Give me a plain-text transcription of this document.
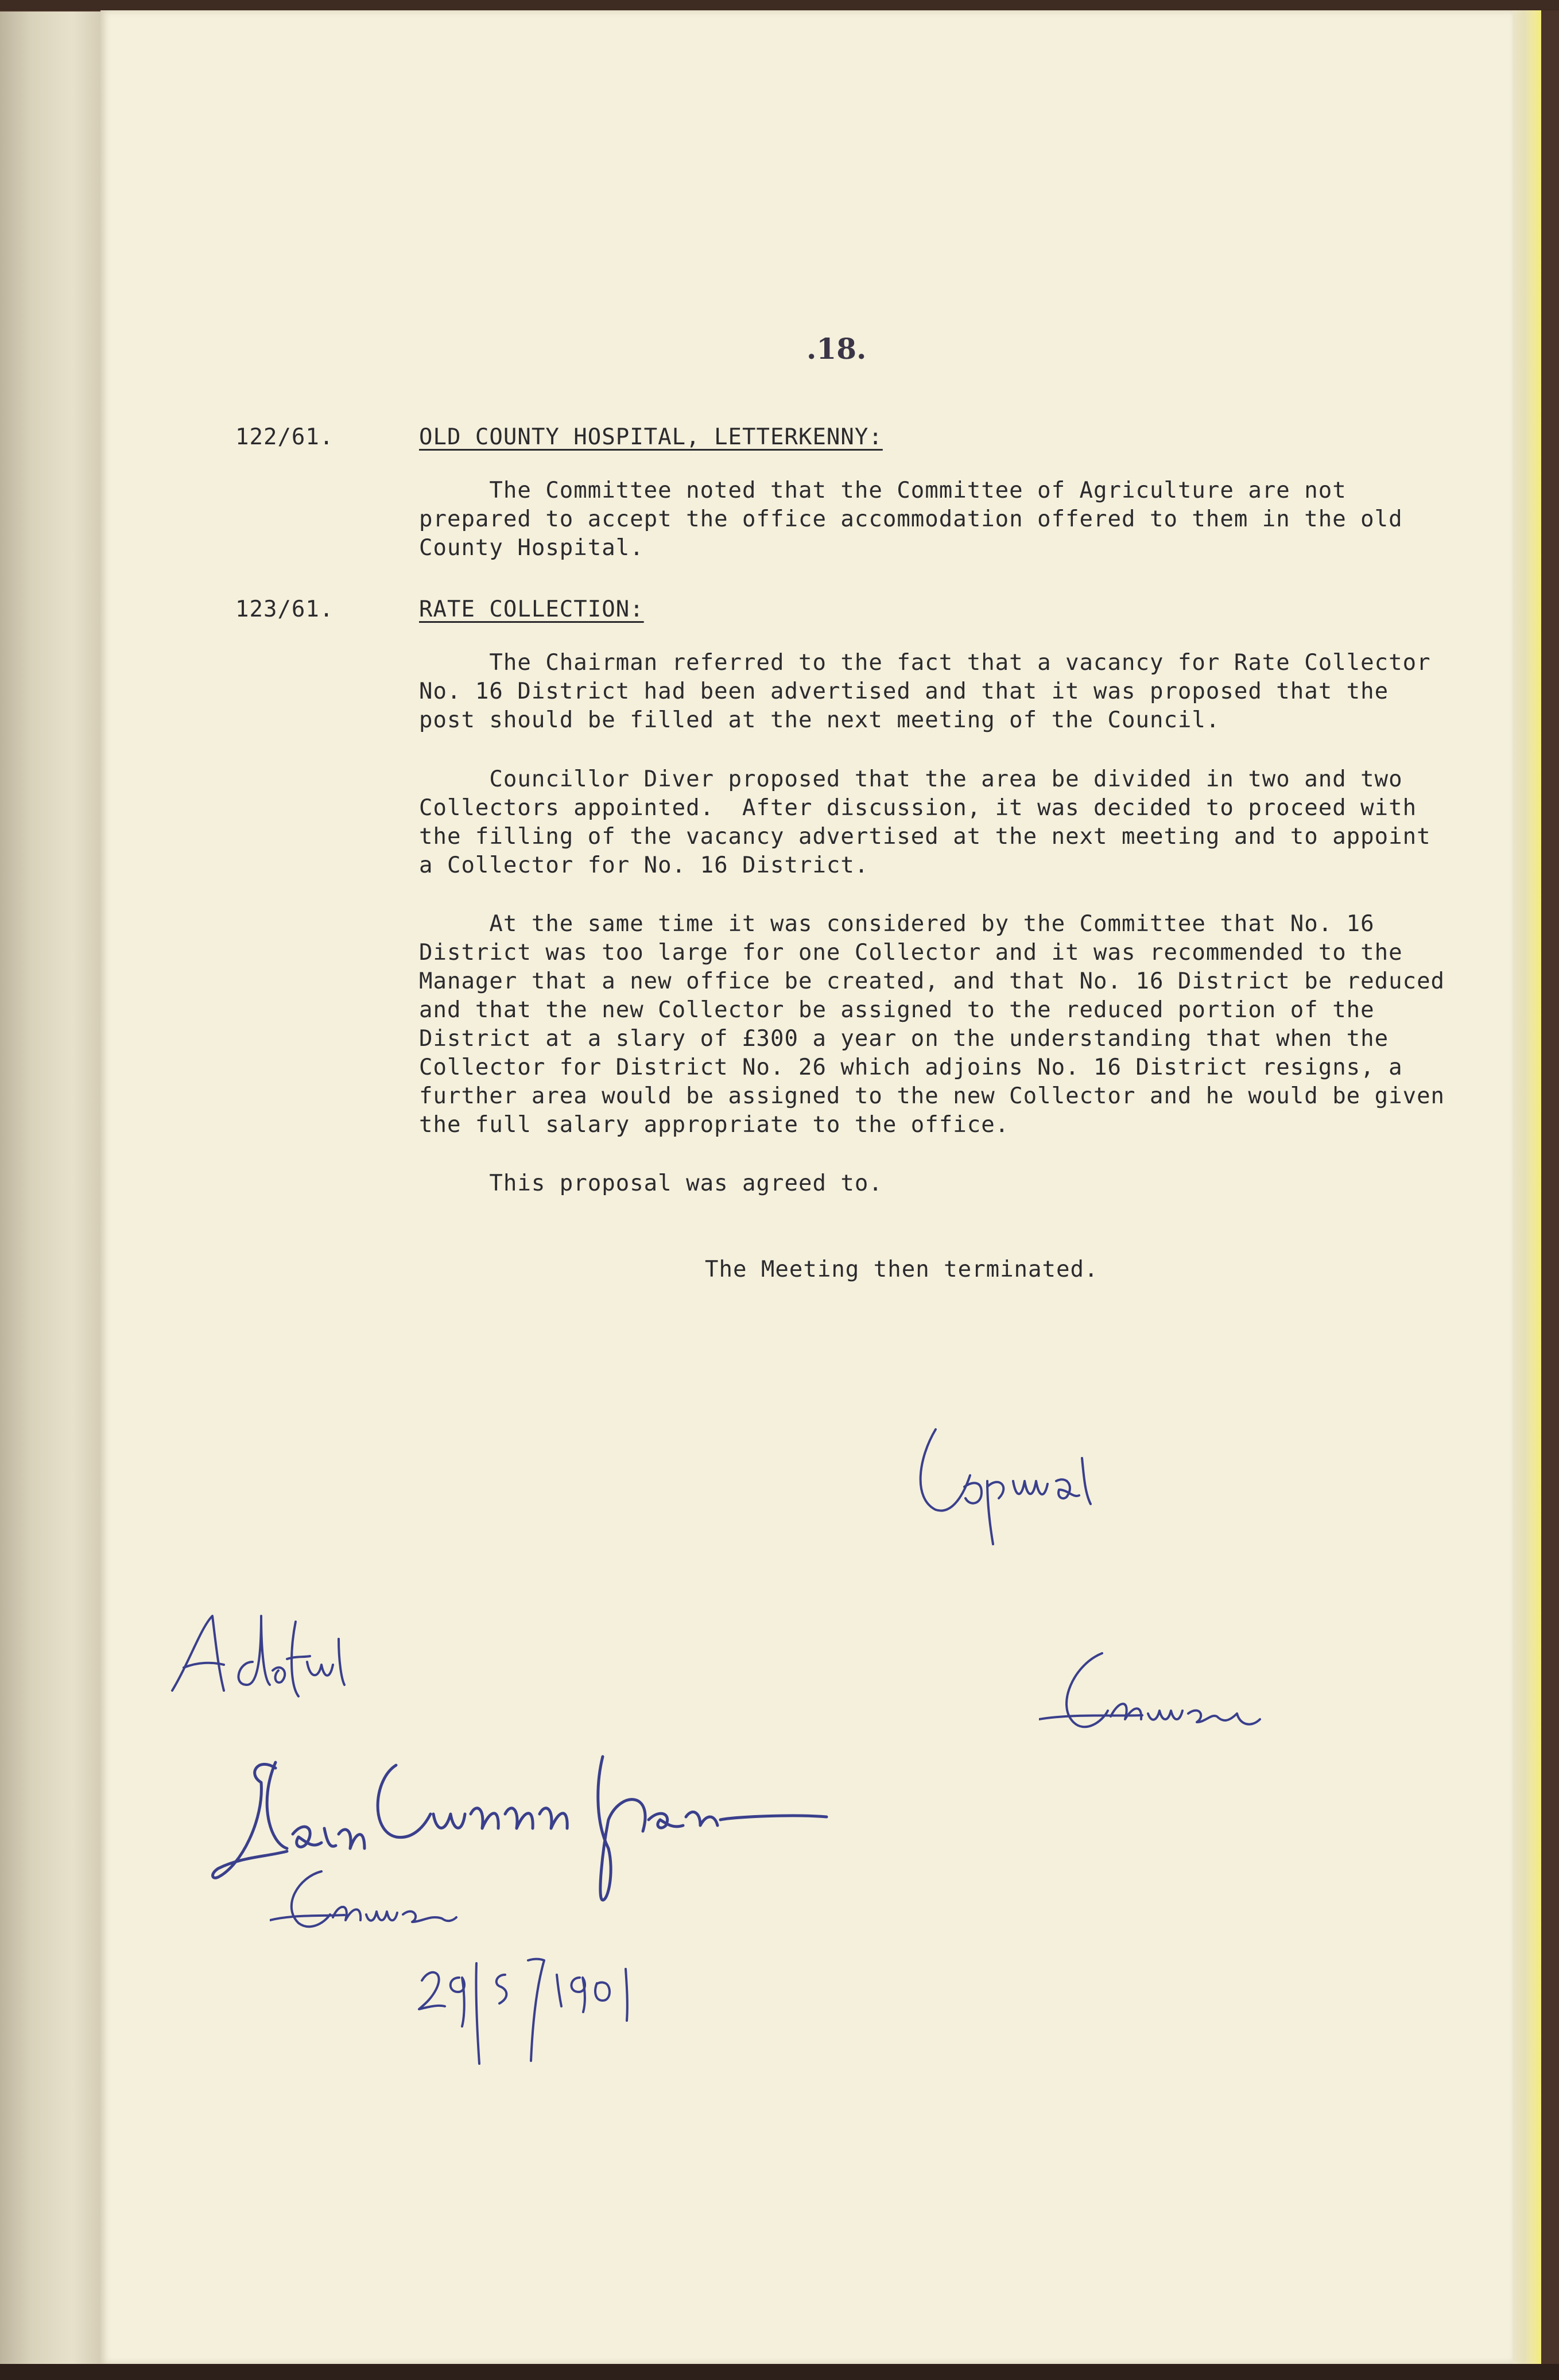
.18.
122/61.	OLD COUNTY HOSPITAL, LETTERKENNY:
The Committee noted that the Committee of Agriculture are not
prepared to accept the office accommodation offered to them in the old
County Hospital.
123/61.	RATE COLLECTION:
The Chairman referred to the fact that a vacancy for Rate Collector
No. 16 District had been advertised and that it was proposed that the
post should be filled at the next meeting of the Council.
Councillor Diver proposed that the area be divided in two and two
Collectors appointed.  After discussion, it was decided to proceed with
the filling of the vacancy advertised at the next meeting and to appoint
a Collector for No. 16 District.
At the same time it was considered by the Committee that No. 16
District was too large for one Collector and it was recommended to the
Manager that a new office be created, and that No. 16 District be reduced
and that the new Collector be assigned to the reduced portion of the
District at a slary of £300 a year on the understanding that when the
Collector for District No. 26 which adjoins No. 16 District resigns, a
further area would be assigned to the new Collector and he would be given
the full salary appropriate to the office.
This proposal was agreed to.
The Meeting then terminated.
